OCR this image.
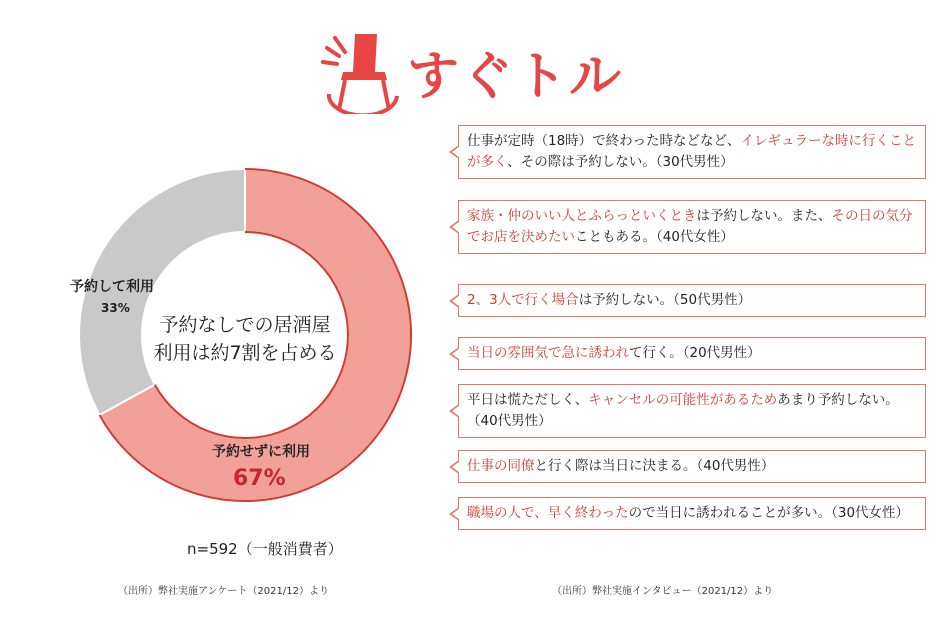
すぐトル
予約なしでの居酒屋
利用は約7割を占める
予約して利用
33%
予約せずに利用
67%
n=592（一般消費者）
（出所）弊社実施アンケート（2021/12）より	（出所）弊社実施インタビュー（2021/12）より
仕事が定時（18時）で終わった時などなど、イレギュラーな時に行くことが多く、その際は予約しない。（30代男性）
家族・仲のいい人とふらっといくときは予約しない。また、その日の気分でお店を決めたいこともある。（40代女性）
2、3人で行く場合は予約しない。（50代男性）
当日の雰囲気で急に誘われて行く。（20代男性）
平日は慌ただしく、キャンセルの可能性があるためあまり予約しない。（40代男性）
仕事の同僚と行く際は当日に決まる。（40代男性）
職場の人で、早く終わったので当日に誘われることが多い。（30代女性）
